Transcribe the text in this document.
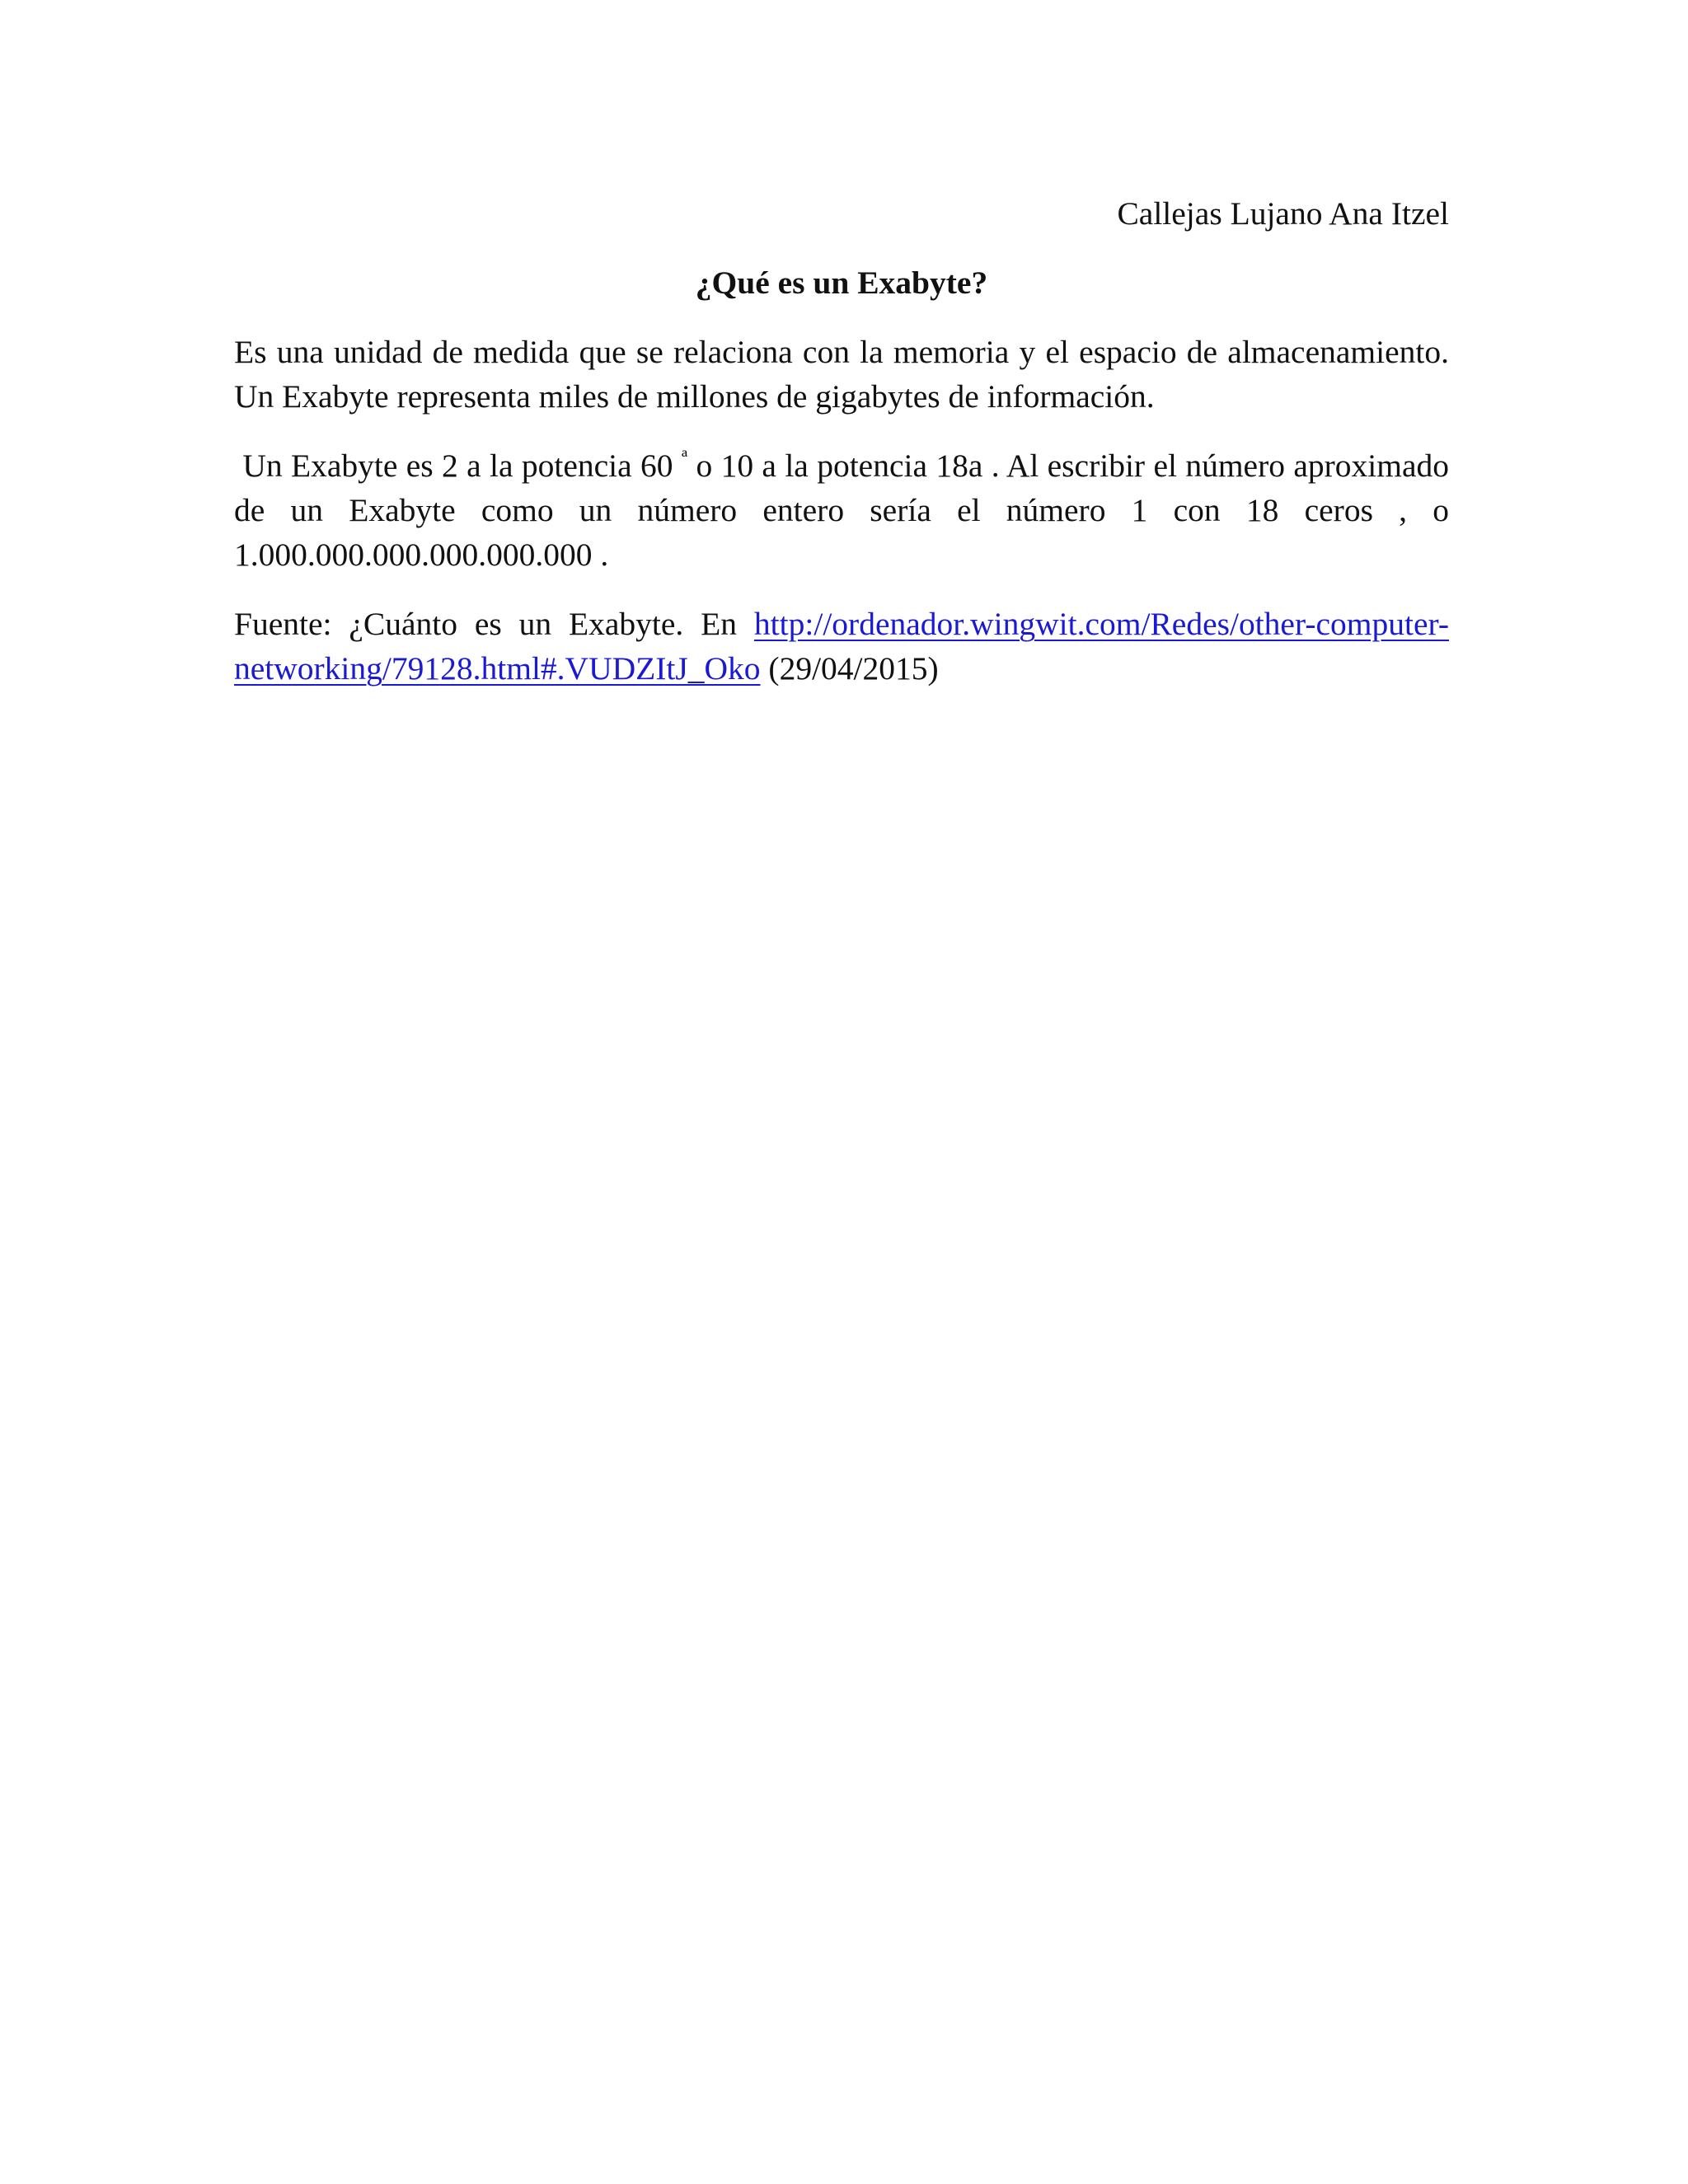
Callejas Lujano Ana Itzel

¿Qué es un Exabyte?

Es una unidad de medida que se relaciona con la memoria y el espacio de almacenamiento. Un Exabyte representa miles de millones de gigabytes de información.

Un Exabyte es 2 a la potencia 60 $^ª$ o 10 a la potencia 18a . Al escribir el número aproximado de un Exabyte como un número entero sería el número 1 con 18 ceros , o 1.000.000.000.000.000.000 .

Fuente: ¿Cuánto es un Exabyte. En http://ordenador.wingwit.com/Redes/other-computer-networking/79128.html#.VUDZItJ_Oko (29/04/2015)
